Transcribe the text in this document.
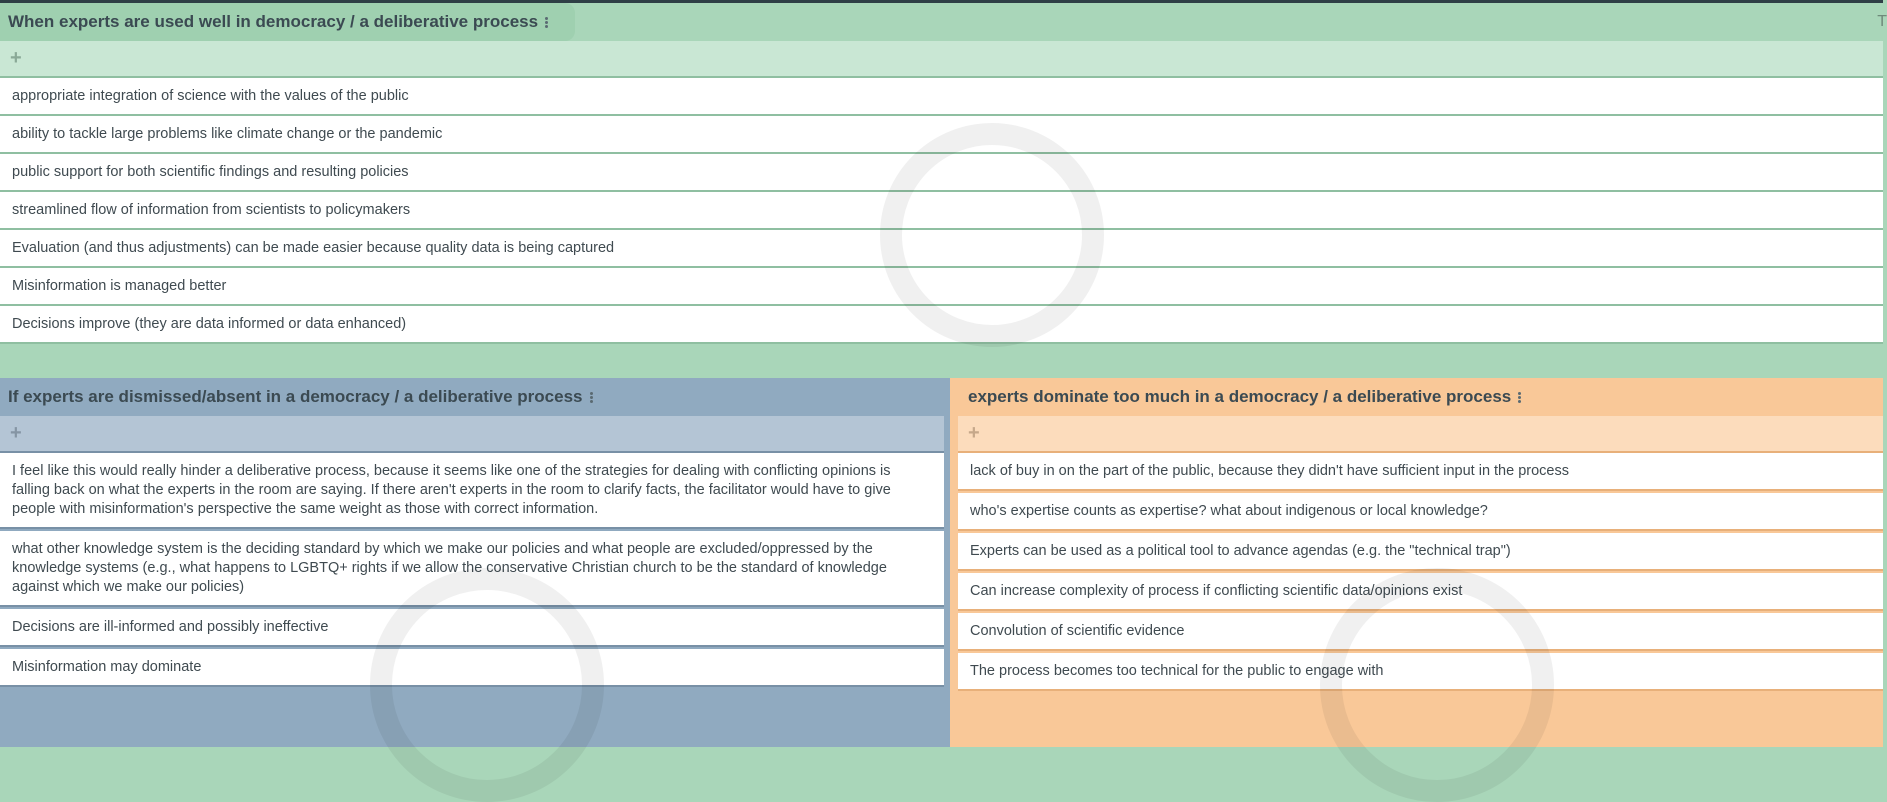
When experts are used well in democracy / a deliberative process	T
+
appropriate integration of science with the values of the public
ability to tackle large problems like climate change or the pandemic
public support for both scientific findings and resulting policies
streamlined flow of information from scientists to policymakers
Evaluation (and thus adjustments) can be made easier because quality data is being captured
Misinformation is managed better
Decisions improve (they are data informed or data enhanced)
If experts are dismissed/absent in a democracy / a deliberative process
+
I feel like this would really hinder a deliberative process, because it seems like one of the strategies for dealing with conflicting opinions is falling back on what the experts in the room are saying. If there aren't experts in the room to clarify facts, the facilitator would have to give people with misinformation's perspective the same weight as those with correct information.
what other knowledge system is the deciding standard by which we make our policies and what people are excluded/oppressed by the knowledge systems (e.g., what happens to LGBTQ+ rights if we allow the conservative Christian church to be the standard of knowledge against which we make our policies)
Decisions are ill-informed and possibly ineffective
Misinformation may dominate
experts dominate too much in a democracy / a deliberative process
+
lack of buy in on the part of the public, because they didn't have sufficient input in the process
who's expertise counts as expertise? what about indigenous or local knowledge?
Experts can be used as a political tool to advance agendas (e.g. the "technical trap")
Can increase complexity of process if conflicting scientific data/opinions exist
Convolution of scientific evidence
The process becomes too technical for the public to engage with
